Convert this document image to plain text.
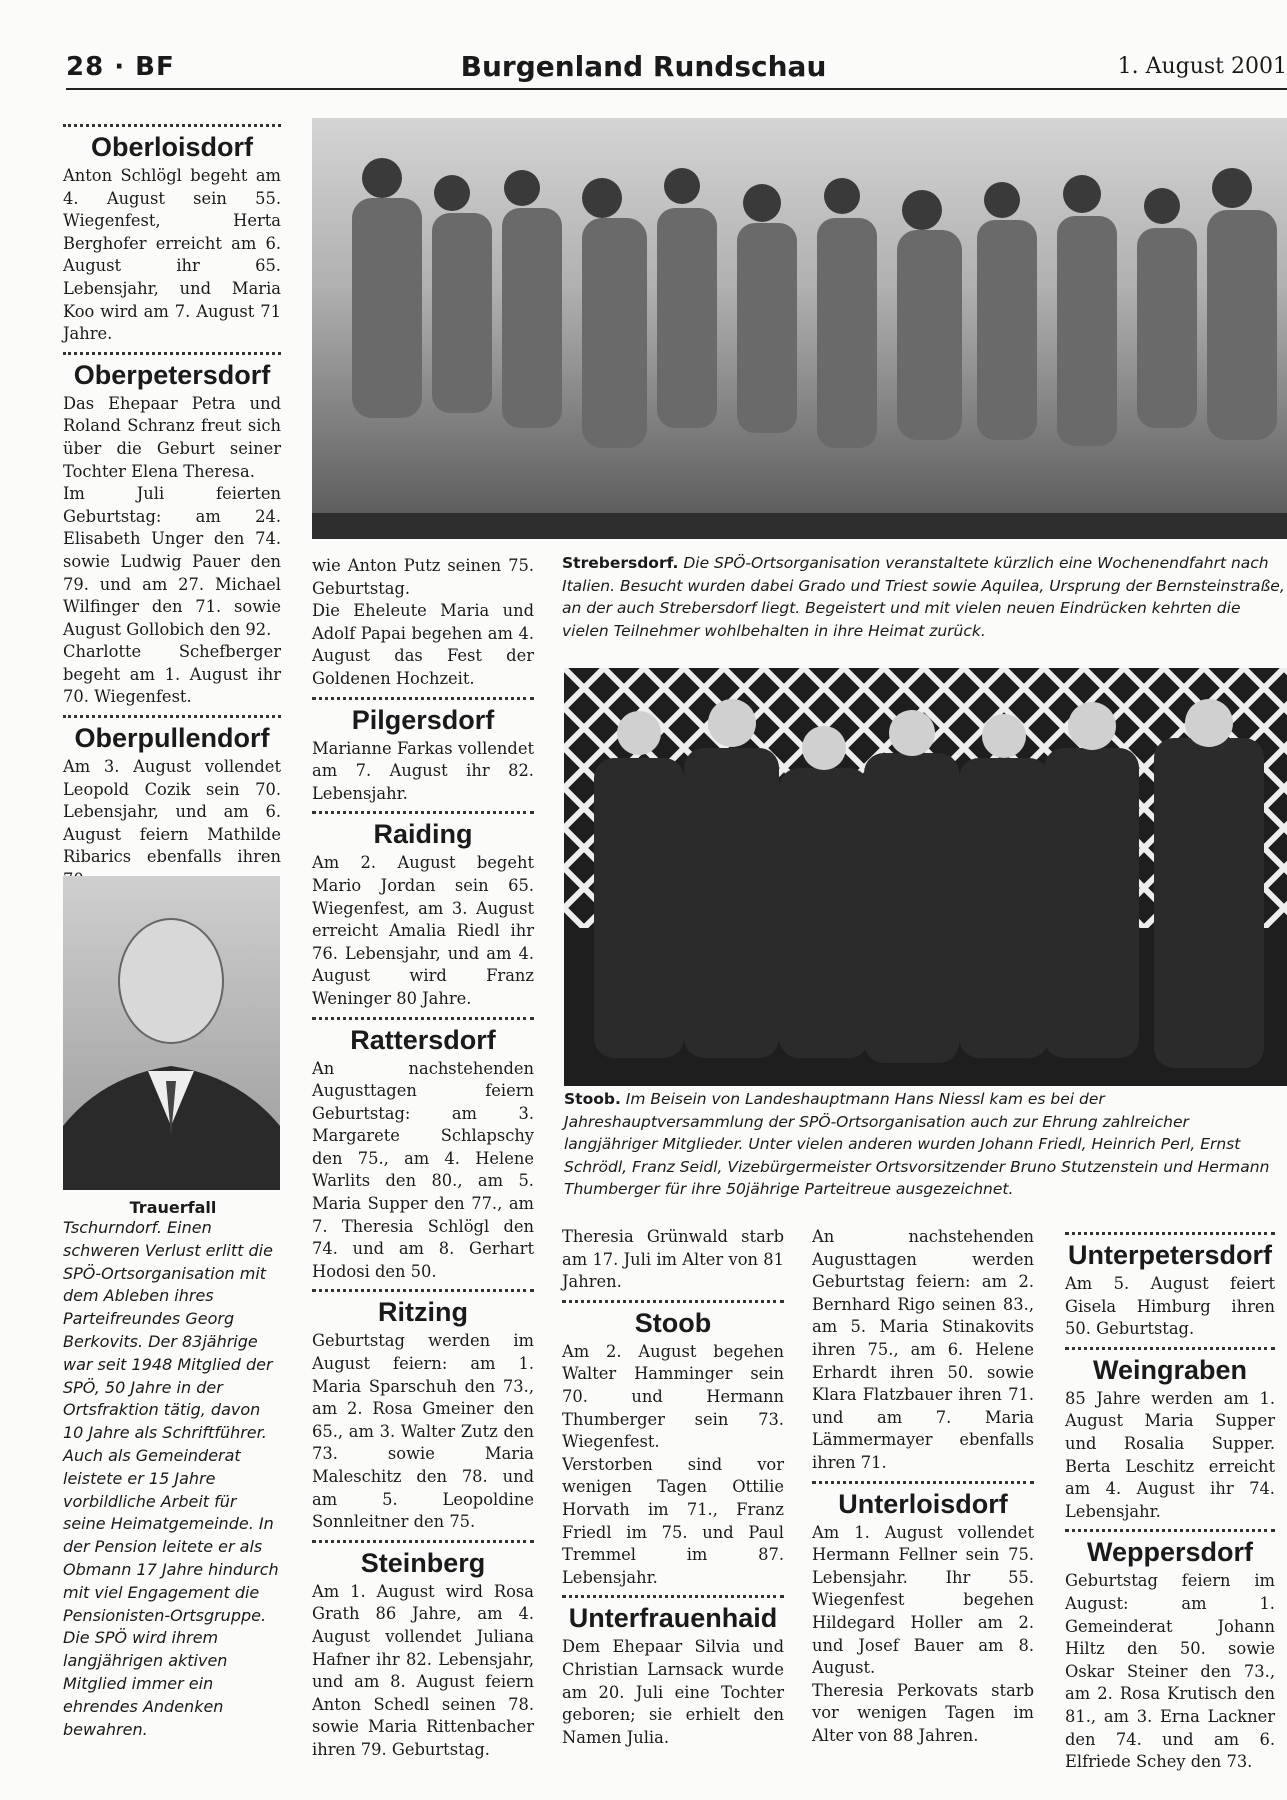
28 · BF	Burgenland Rundschau	1. August 2001
Oberloisdorf

Anton Schlögl begeht am 4. August sein 55. Wiegenfest, Herta Berghofer erreicht am 6. August ihr 65. Lebensjahr, und Maria Koo wird am 7. August 71 Jahre.

Oberpetersdorf

Das Ehepaar Petra und Roland Schranz freut sich über die Geburt seiner Tochter Elena Theresa.

Im Juli feierten Geburtstag: am 24. Elisabeth Unger den 74. sowie Ludwig Pauer den 79. und am 27. Michael Wilfinger den 71. sowie August Gollobich den 92.

Charlotte Schefberger begeht am 1. August ihr 70. Wiegenfest.

Oberpullendorf

Am 3. August vollendet Leopold Cozik sein 70. Lebensjahr, und am 6. August feiern Mathilde Ribarics ebenfalls ihren

Trauerfall

Tschurndorf. Einen schweren Verlust erlitt die SPÖ-Ortsorganisation mit dem Ableben ihres Parteifreundes Georg Berkovits. Der 83jährige war seit 1948 Mitglied der SPÖ, 50 Jahre in der Ortsfraktion tätig, davon 10 Jahre als Schriftführer. Auch als Gemeinderat leistete er 15 Jahre vorbildliche Arbeit für seine Heimatgemeinde. In der Pension leitete er als Obmann 17 Jahre hindurch mit viel Engagement die Pensionisten-Ortsgruppe. Die SPÖ wird ihrem langjährigen aktiven Mitglied immer ein ehrendes Andenken bewahren.

Strebersdorf. Die SPÖ-Ortsorganisation veranstaltete kürzlich eine Wochenendfahrt nach Italien. Besucht wurden dabei Grado und Triest sowie Aquilea, Ursprung der Bernsteinstraße, an der auch Strebersdorf liegt. Begeistert und mit vielen neuen Eindrücken kehrten die vielen Teilnehmer wohlbehalten in ihre Heimat zurück.
Stoob. Im Beisein von Landeshauptmann Hans Niessl kam es bei der Jahreshauptversammlung der SPÖ-Ortsorganisation auch zur Ehrung zahlreicher langjähriger Mitglieder. Unter vielen anderen wurden Johann Friedl, Heinrich Perl, Ernst Schrödl, Franz Seidl, Vizebürgermeister Ortsvorsitzender Bruno Stutzenstein und Hermann Thumberger für ihre 50jährige Parteitreue ausgezeichnet.

wie Anton Putz seinen 75. Geburtstag.

Die Eheleute Maria und Adolf Papai begehen am 4. August das Fest der Goldenen Hochzeit.

Pilgersdorf

Marianne Farkas vollendet am 7. August ihr 82. Lebensjahr.

Raiding

Am 2. August begeht Mario Jordan sein 65. Wiegenfest, am 3. August erreicht Amalia Riedl ihr 76. Lebensjahr, und am 4. August wird Franz Weninger 80 Jahre.

Rattersdorf

An nachstehenden Augusttagen feiern Geburtstag: am 3. Margarete Schlapschy den 75., am 4. Helene Warlits den 80., am 5. Maria Supper den 77., am 7. Theresia Schlögl den 74. und am 8. Gerhart Hodosi den 50.

Ritzing

Geburtstag werden im August feiern: am 1. Maria Sparschuh den 73., am 2. Rosa Gmeiner den 65., am 3. Walter Zutz den 73. sowie Maria Maleschitz den 78. und am 5. Leopoldine Sonnleitner den 75.

Steinberg

Am 1. August wird Rosa Grath 86 Jahre, am 4. August vollendet Juliana Hafner ihr 82. Lebensjahr, und am 8. August feiern Anton Schedl seinen 78. sowie Maria Rittenbacher ihren 79. Geburtstag.

Theresia Grünwald starb am 17. Juli im Alter von 81 Jahren.

Stoob

Am 2. August begehen Walter Hamminger sein 70. und Hermann Thumberger sein 73. Wiegenfest.

Verstorben sind vor wenigen Tagen Ottilie Horvath im 71., Franz Friedl im 75. und Paul Tremmel im 87. Lebensjahr.

Unterfrauenhaid

Dem Ehepaar Silvia und Christian Larnsack wurde am 20. Juli eine Tochter geboren; sie erhielt den Namen Julia.

An nachstehenden Augusttagen werden Geburtstag feiern: am 2. Bernhard Rigo seinen 83., am 5. Maria Stinakovits ihren 75., am 6. Helene Erhardt ihren 50. sowie Klara Flatzbauer ihren 71. und am 7. Maria Lämmermayer ebenfalls ihren 71.

Unterloisdorf

Am 1. August vollendet Hermann Fellner sein 75. Lebensjahr. Ihr 55. Wiegenfest begehen Hildegard Holler am 2. und Josef Bauer am 8. August.

Theresia Perkovats starb vor wenigen Tagen im Alter von 88 Jahren.

Unterpetersdorf

Am 5. August feiert Gisela Himburg ihren 50. Geburtstag.

Weingraben

85 Jahre werden am 1. August Maria Supper und Rosalia Supper. Berta Leschitz erreicht am 4. August ihr 74. Lebensjahr.

Weppersdorf

Geburtstag feiern im August: am 1. Gemeinderat Johann Hiltz den 50. sowie Oskar Steiner den 73., am 2. Rosa Krutisch den 81., am 3. Erna Lackner den 74. und am 6. Elfriede Schey den 73.
